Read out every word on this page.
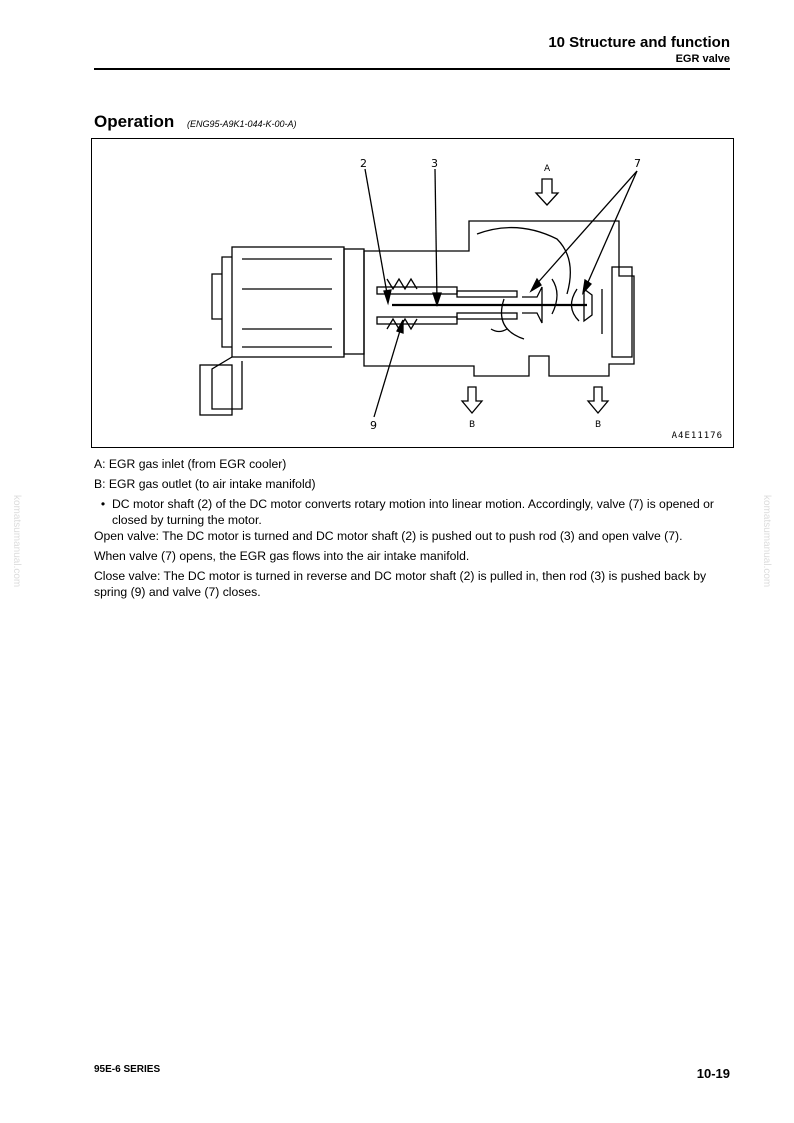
10 Structure and function
EGR valve
Operation (ENG95-A9K1-044-K-00-A)
2	3	7
9
A
B	B
A4E11176

A: EGR gas inlet (from EGR cooler)

B: EGR gas outlet (to air intake manifold)

• DC motor shaft (2) of the DC motor converts rotary motion into linear motion. Accordingly, valve (7) is opened or closed by turning the motor.

Open valve: The DC motor is turned and DC motor shaft (2) is pushed out to push rod (3) and open valve (7).

When valve (7) opens, the EGR gas flows into the air intake manifold.

Close valve: The DC motor is turned in reverse and DC motor shaft (2) is pulled in, then rod (3) is pushed back by spring (9) and valve (7) closes.

komatsumanual.com	komatsumanual.com
95E-6 SERIES	10-19
